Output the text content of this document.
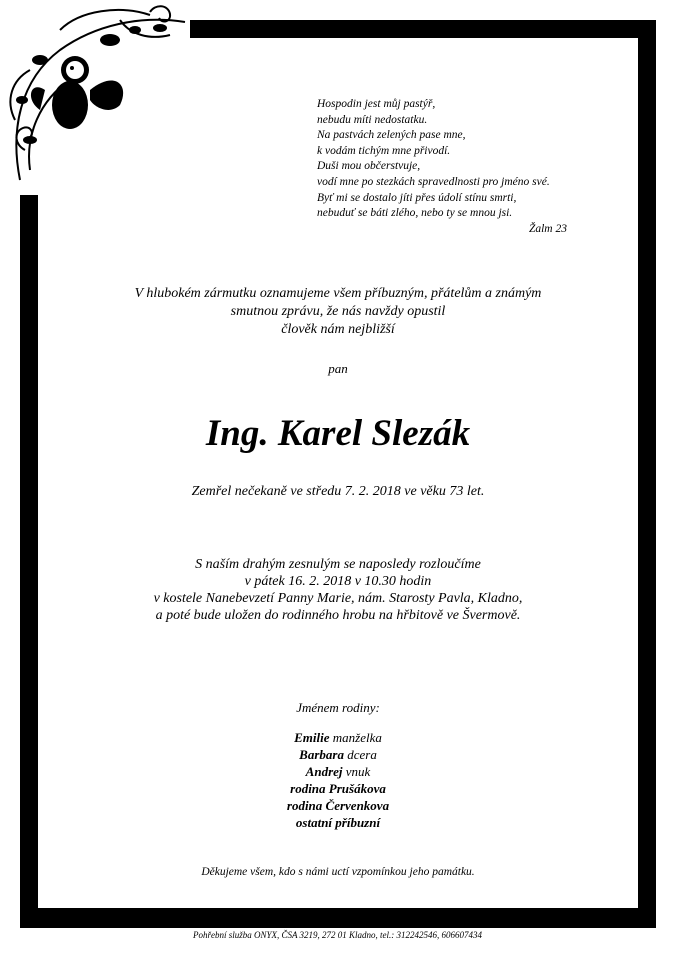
Hospodin jest můj pastýř,
nebudu míti nedostatku.
Na pastvách zelených pase mne,
k vodám tichým mne přivodí.
Duši mou občerstvuje,
vodí mne po stezkách spravedlnosti pro jméno své.
Byť mi se dostalo jíti přes údolí stínu smrti,
nebuduť se báti zlého, nebo ty se mnou jsi.
Žalm 23
V hlubokém zármutku oznamujeme všem příbuzným, přátelům a známým
smutnou zprávu, že nás navždy opustil
člověk nám nejbližší
pan
Ing. Karel Slezák
Zemřel nečekaně ve středu 7. 2. 2018 ve věku 73 let.
S naším drahým zesnulým se naposledy rozloučíme
v pátek 16. 2. 2018 v 10.30 hodin
v kostele Nanebevzetí Panny Marie, nám. Starosty Pavla, Kladno,
a poté bude uložen do rodinného hrobu na hřbitově ve Švermově.
Jménem rodiny:
Emilie manželka
Barbara dcera
Andrej vnuk
rodina Prušákova
rodina Červenkova
ostatní příbuzní
Děkujeme všem, kdo s námi uctí vzpomínkou jeho památku.
Pohřební služba ONYX, ČSA 3219, 272 01 Kladno, tel.: 312242546, 606607434
